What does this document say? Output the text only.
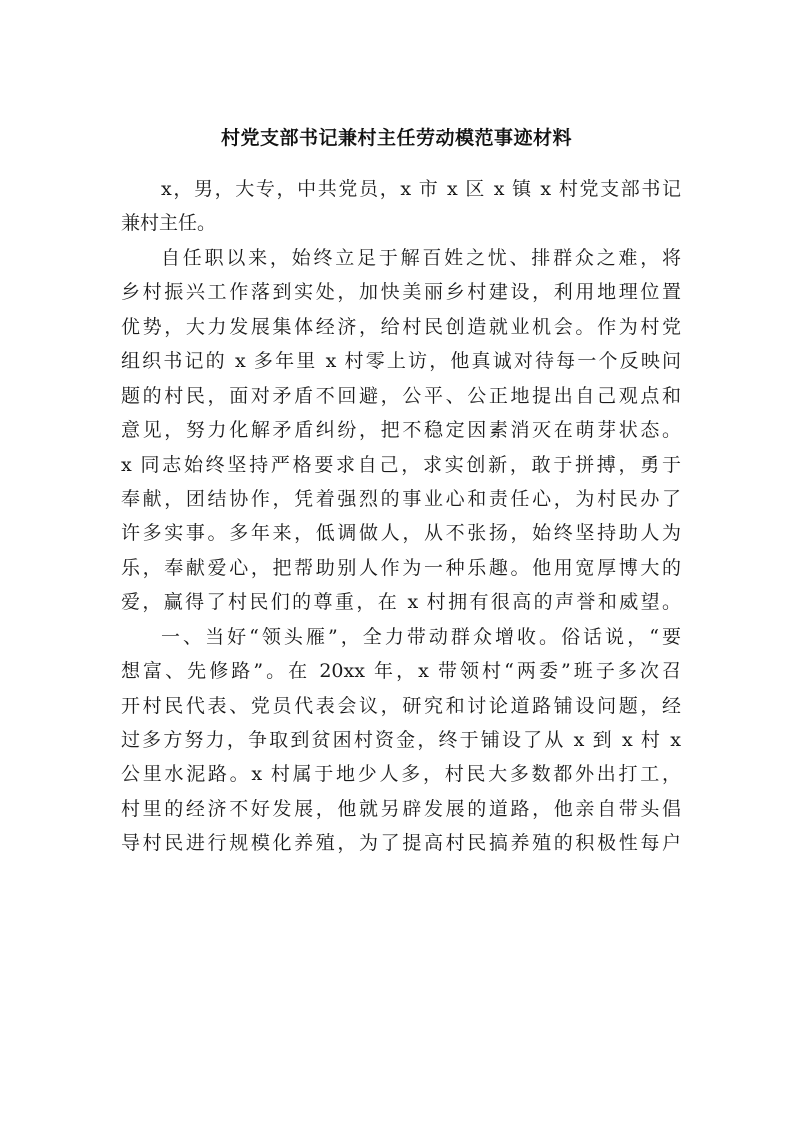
村党支部书记兼村主任劳动模范事迹材料
x，男，大专，中共党员，x 市 x 区 x 镇 x 村党支部书记
兼村主任。
自任职以来，始终立足于解百姓之忧、排群众之难，将
乡村振兴工作落到实处，加快美丽乡村建设，利用地理位置
优势，大力发展集体经济，给村民创造就业机会。作为村党
组织书记的 x 多年里 x 村零上访，他真诚对待每一个反映问
题的村民，面对矛盾不回避，公平、公正地提出自己观点和
意见，努力化解矛盾纠纷，把不稳定因素消灭在萌芽状态。
x 同志始终坚持严格要求自己，求实创新，敢于拼搏，勇于
奉献，团结协作，凭着强烈的事业心和责任心，为村民办了
许多实事。多年来，低调做人，从不张扬，始终坚持助人为
乐，奉献爱心，把帮助别人作为一种乐趣。他用宽厚博大的
爱，赢得了村民们的尊重，在 x 村拥有很高的声誉和威望。
一、当好“领头雁”，全力带动群众增收。俗话说，“要
想富、先修路”。在 20xx 年，x 带领村“两委”班子多次召
开村民代表、党员代表会议，研究和讨论道路铺设问题，经
过多方努力，争取到贫困村资金，终于铺设了从 x 到 x 村 x
公里水泥路。x 村属于地少人多，村民大多数都外出打工，
村里的经济不好发展，他就另辟发展的道路，他亲自带头倡
导村民进行规模化养殖，为了提高村民搞养殖的积极性每户
